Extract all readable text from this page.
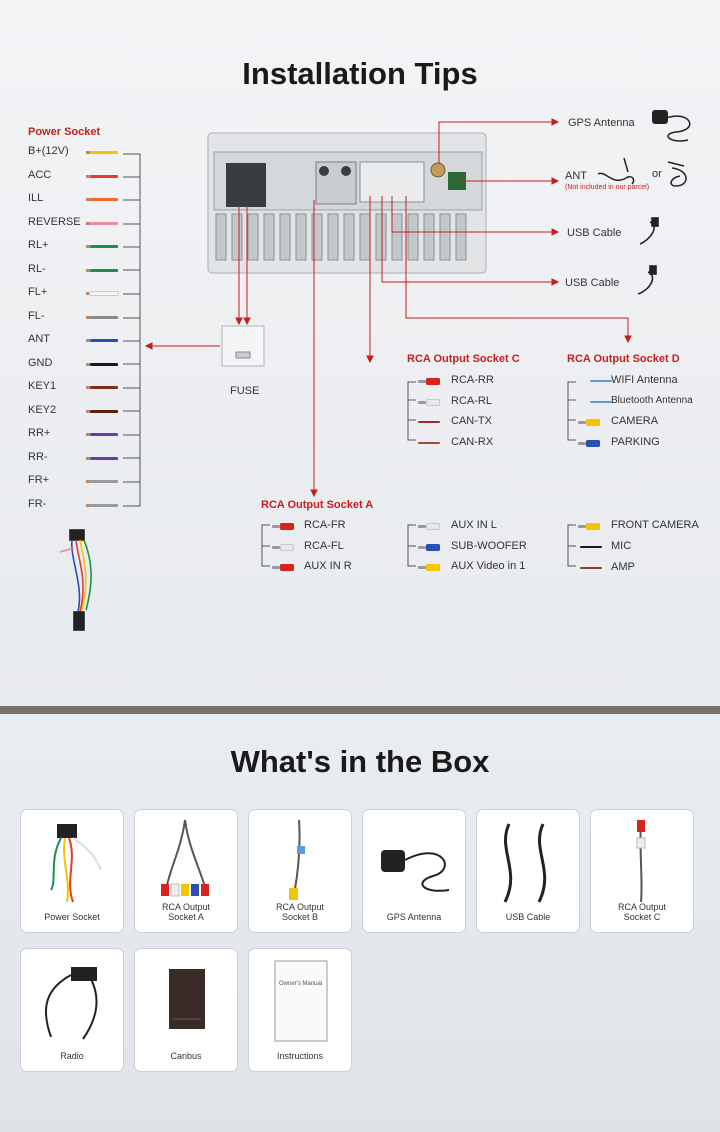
Installation Tips
Power Socket
B+(12V)
ACC
ILL
REVERSE
RL+
RL-
FL+
FL-
ANT
GND
KEY1
KEY2
RR+
RR-
FR+
FR-
FUSE
GPS Antenna
ANT
(Not included in our parcel)
or
USB Cable
USB Cable
RCA Output Socket C	RCA Output Socket D
RCA Output Socket A
RCA-RR
RCA-RL
CAN-TX
CAN-RX
WIFI Antenna
Bluetooth Antenna
CAMERA
PARKING
RCA-FR
RCA-FL
AUX IN R
AUX IN L
SUB-WOOFER
AUX Video in 1
FRONT CAMERA
MIC
AMP
What's in the Box
Power Socket
RCA Output
Socket A
RCA Output
Socket B	GPS Antenna	USB Cable
RCA Output
Socket C
Radio	Canbus	Instructions
Owner's Manual
